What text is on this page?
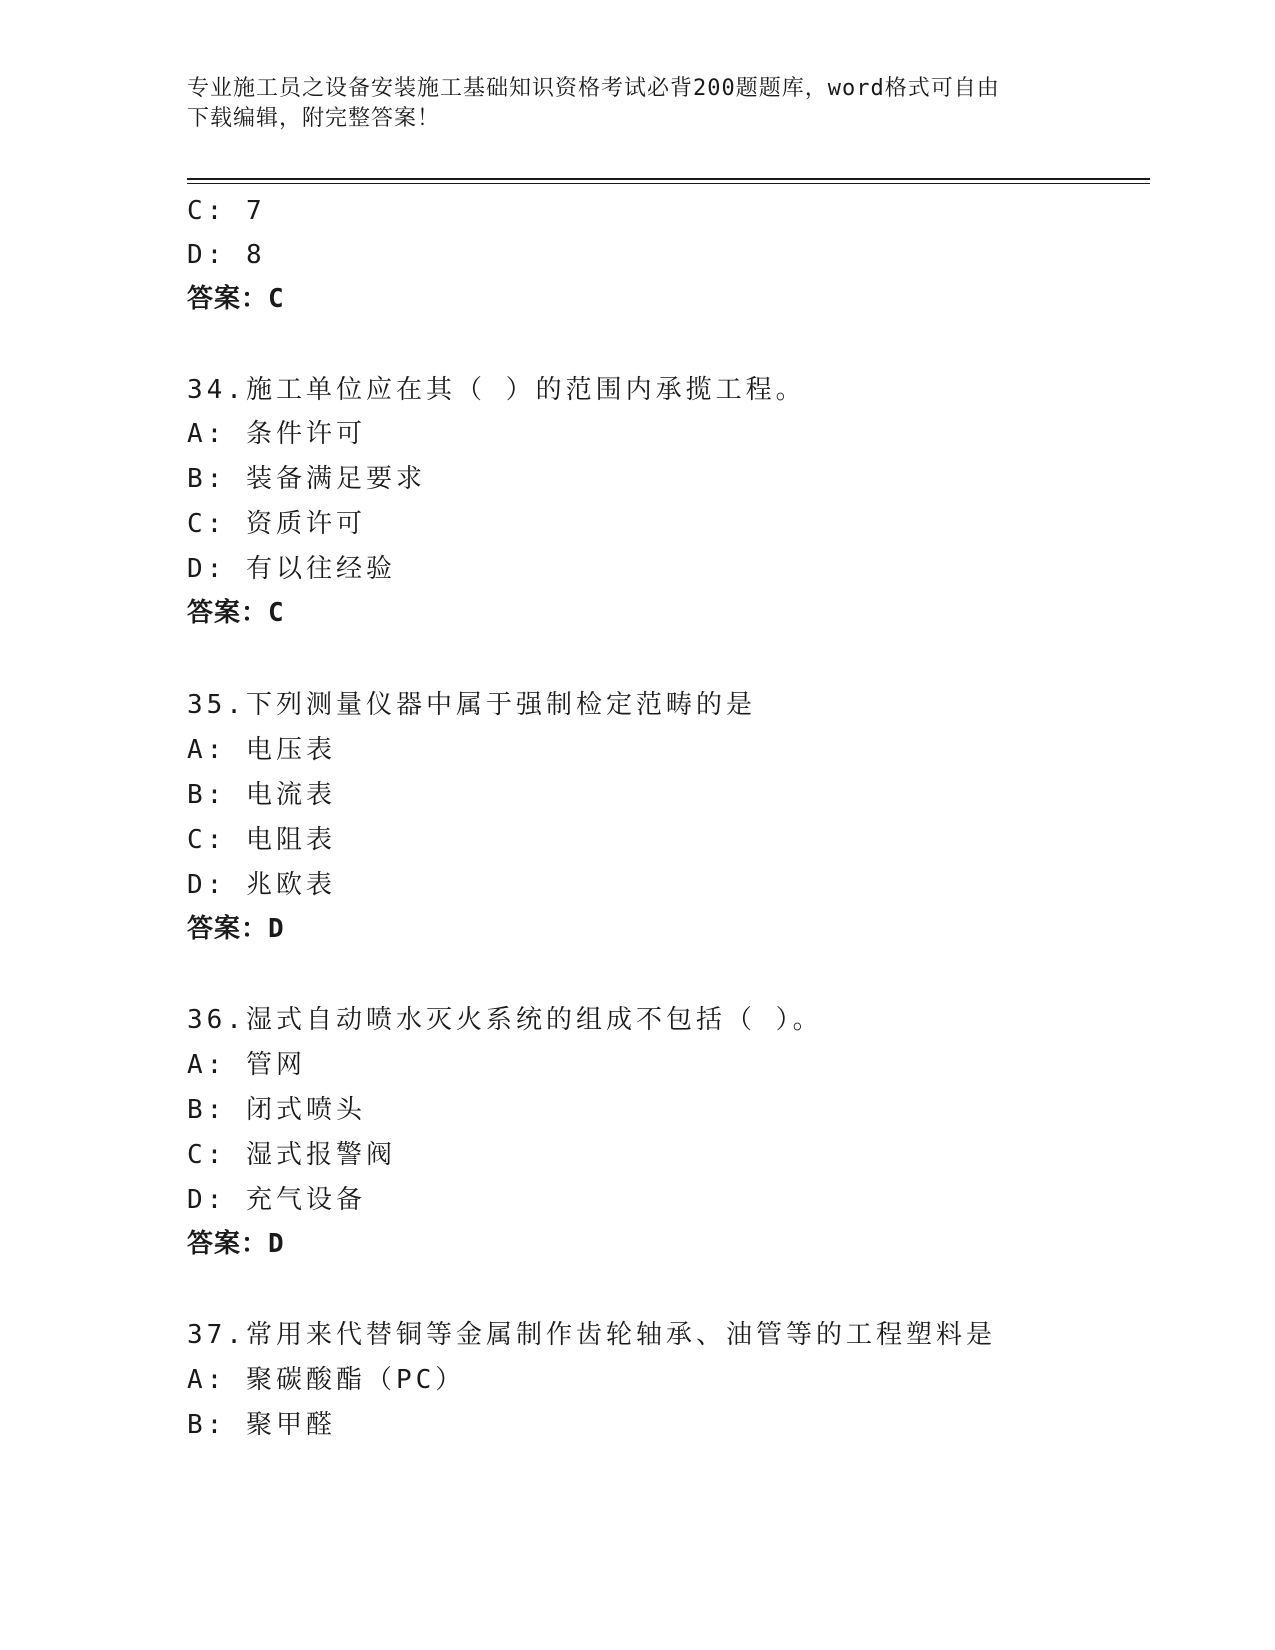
专业施工员之设备安装施工基础知识资格考试必背200题题库，word格式可自由
下载编辑，附完整答案！
C: 7
D: 8
答案：C
34.施工单位应在其（ ）的范围内承揽工程。
A: 条件许可
B: 装备满足要求
C: 资质许可
D: 有以往经验
答案：C
35.下列测量仪器中属于强制检定范畴的是
A: 电压表
B: 电流表
C: 电阻表
D: 兆欧表
答案：D
36.湿式自动喷水灭火系统的组成不包括（ ）。
A: 管网
B: 闭式喷头
C: 湿式报警阀
D: 充气设备
答案：D
37.常用来代替铜等金属制作齿轮轴承、油管等的工程塑料是
A: 聚碳酸酯（PC）
B: 聚甲醛
